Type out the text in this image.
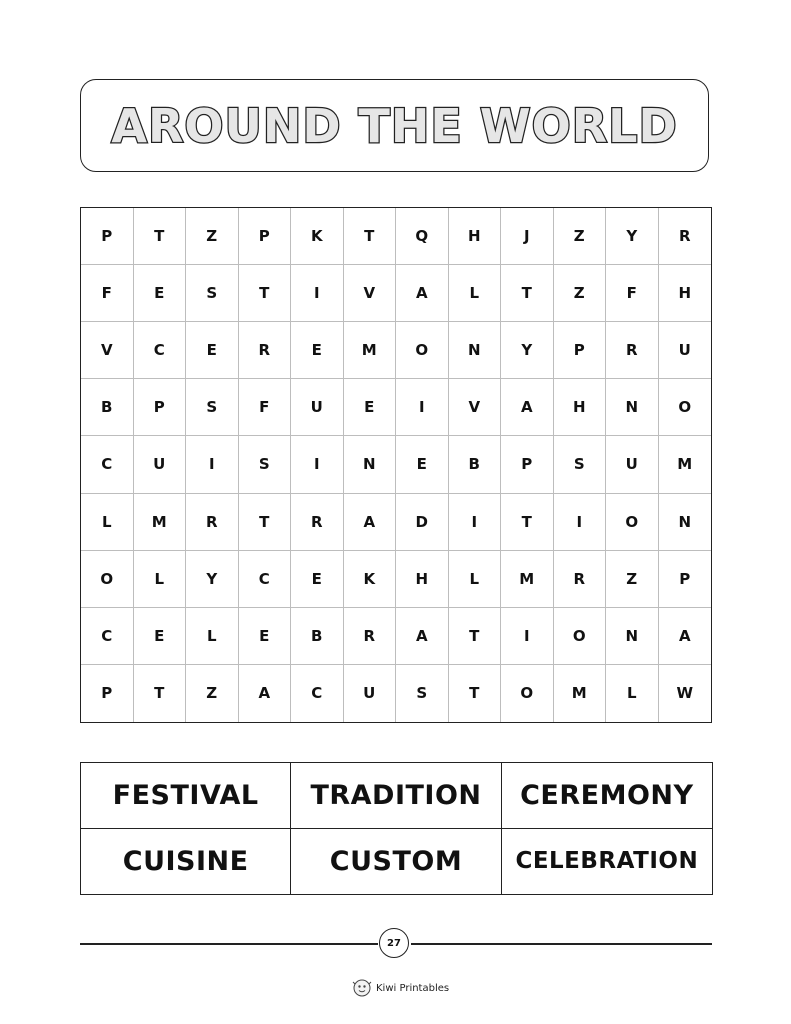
AROUND THE WORLD
P	T	Z	P	K	T	Q	H	J	Z	Y	R
F	E	S	T	I	V	A	L	T	Z	F	H
V	C	E	R	E	M	O	N	Y	P	R	U
B	P	S	F	U	E	I	V	A	H	N	O
C	U	I	S	I	N	E	B	P	S	U	M
L	M	R	T	R	A	D	I	T	I	O	N
O	L	Y	C	E	K	H	L	M	R	Z	P
C	E	L	E	B	R	A	T	I	O	N	A
P	T	Z	A	C	U	S	T	O	M	L	W
FESTIVAL	TRADITION	CEREMONY
CUISINE	CUSTOM	CELEBRATION
27
Kiwi Printables
